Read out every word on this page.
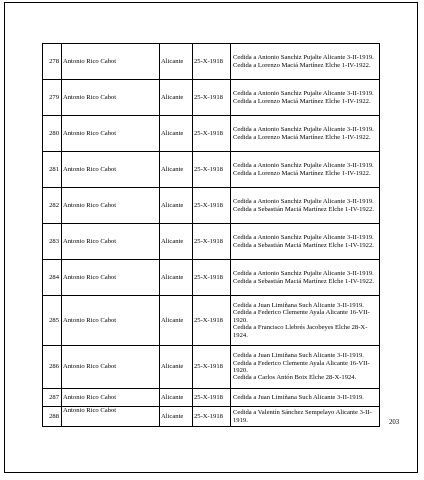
278	Antonio Rico Cabot	Alicante	25-X-1918	Cedida a Antonio Sanchiz Pujalte Alicante 3-II-1919.
Cedida a Lorenzo Maciá Martínez Elche 1-IV-1922.

279	Antonio Rico Cabot	Alicante	25-X-1918	Cedida a Antonio Sanchiz Pujalte Alicante 3-II-1919.
Cedida a Lorenzo Maciá Martínez Elche 1-IV-1922.

280	Antonio Rico Cabot	Alicante	25-X-1918	Cedida a Antonio Sanchiz Pujalte Alicante 3-II-1919.
Cedida a Lorenzo Maciá Martínez Elche 1-IV-1922.

281	Antonio Rico Cabot	Alicante	25-X-1918	Cedida a Antonio Sanchiz Pujalte Alicante 3-II-1919.
Cedida a Lorenzo Maciá Martínez Elche 1-IV-1922.

282	Antonio Rico Cabot	Alicante	25-X-1918	Cedida a Antonio Sanchiz Pujalte Alicante 3-II-1919.
Cedida a Sebastián Maciá Martínez Elche 1-IV-1922.

283	Antonio Rico Cabot	Alicante	25-X-1918	Cedida a Antonio Sanchiz Pujalte Alicante 3-II-1919.
Cedida a Sebastián Maciá Martínez Elche 1-IV-1922.

284	Antonio Rico Cabot	Alicante	25-X-1918	Cedida a Antonio Sanchiz Pujalte Alicante 3-II-1919.
Cedida a Sebastián Maciá Martínez Elche 1-IV-1922.

285	Antonio Rico Cabot	Alicante	25-X-1918	Cedida a Juan Limiñana Such Alicante 3-II-1919.
Cedida a Federico Clemente Ayala Alicante 16-VII-1920.
Cedida a Francisco Llebrés Jacobeyes Elche 28-X-1924.

286	Antonio Rico Cabot	Alicante	25-X-1918	Cedida a Juan Limiñana Such Alicante 3-II-1919.
Cedida a Federico Clemente Ayala Alicante 16-VII-1920.
Cedida a Carlos Antón Boix Elche 28-X-1924.

287	Antonio Rico Cabot	Alicante	25-X-1918	Cedida a Juan Limiñana Such Alicante 3-II-1919.

288	Antonio Rico Cabot	Alicante	25-X-1918	Cedida a Valentín Sánchez Sempelayo Alicante 3-II-1919.	203
